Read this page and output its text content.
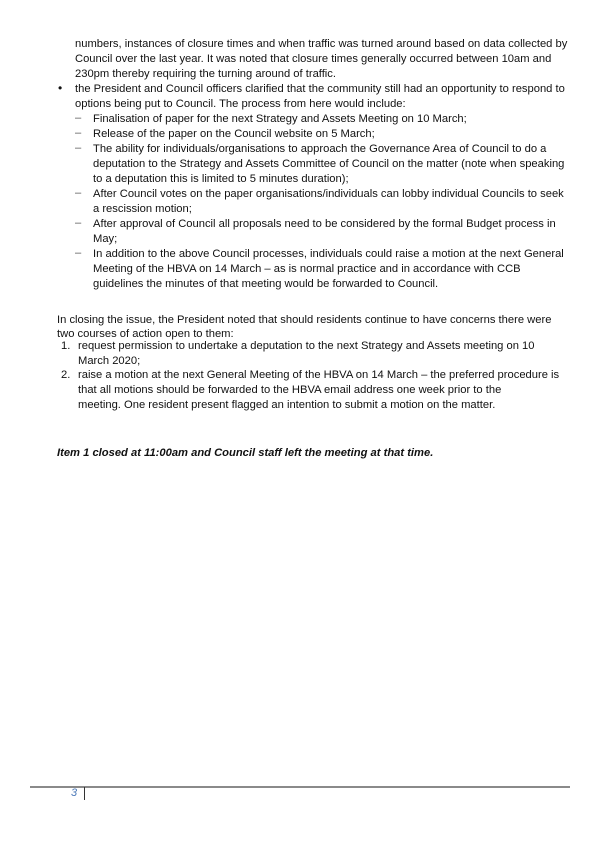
numbers, instances of closure times and when traffic was turned around based on data collected by
Council over the last year. It was noted that closure times generally occurred between 10am and
230pm thereby requiring the turning around of traffic.
• the President and Council officers clarified that the community still had an opportunity to respond to
options being put to Council. The process from here would include:
– Finalisation of paper for the next Strategy and Assets Meeting on 10 March;
– Release of the paper on the Council website on 5 March;
– The ability for individuals/organisations to approach the Governance Area of Council to do a
deputation to the Strategy and Assets Committee of Council on the matter (note when speaking
to a deputation this is limited to 5 minutes duration);
– After Council votes on the paper organisations/individuals can lobby individual Councils to seek
a rescission motion;
– After approval of Council all proposals need to be considered by the formal Budget process in
May;
– In addition to the above Council processes, individuals could raise a motion at the next General
Meeting of the HBVA on 14 March – as is normal practice and in accordance with CCB
guidelines the minutes of that meeting would be forwarded to Council.
In closing the issue, the President noted that should residents continue to have concerns there were
two courses of action open to them:
1. request permission to undertake a deputation to the next Strategy and Assets meeting on 10
March 2020;
2. raise a motion at the next General Meeting of the HBVA on 14 March – the preferred procedure is
that all motions should be forwarded to the HBVA email address one week prior to the
meeting. One resident present flagged an intention to submit a motion on the matter.
Item 1 closed at 11:00am and Council staff left the meeting at that time.
3
